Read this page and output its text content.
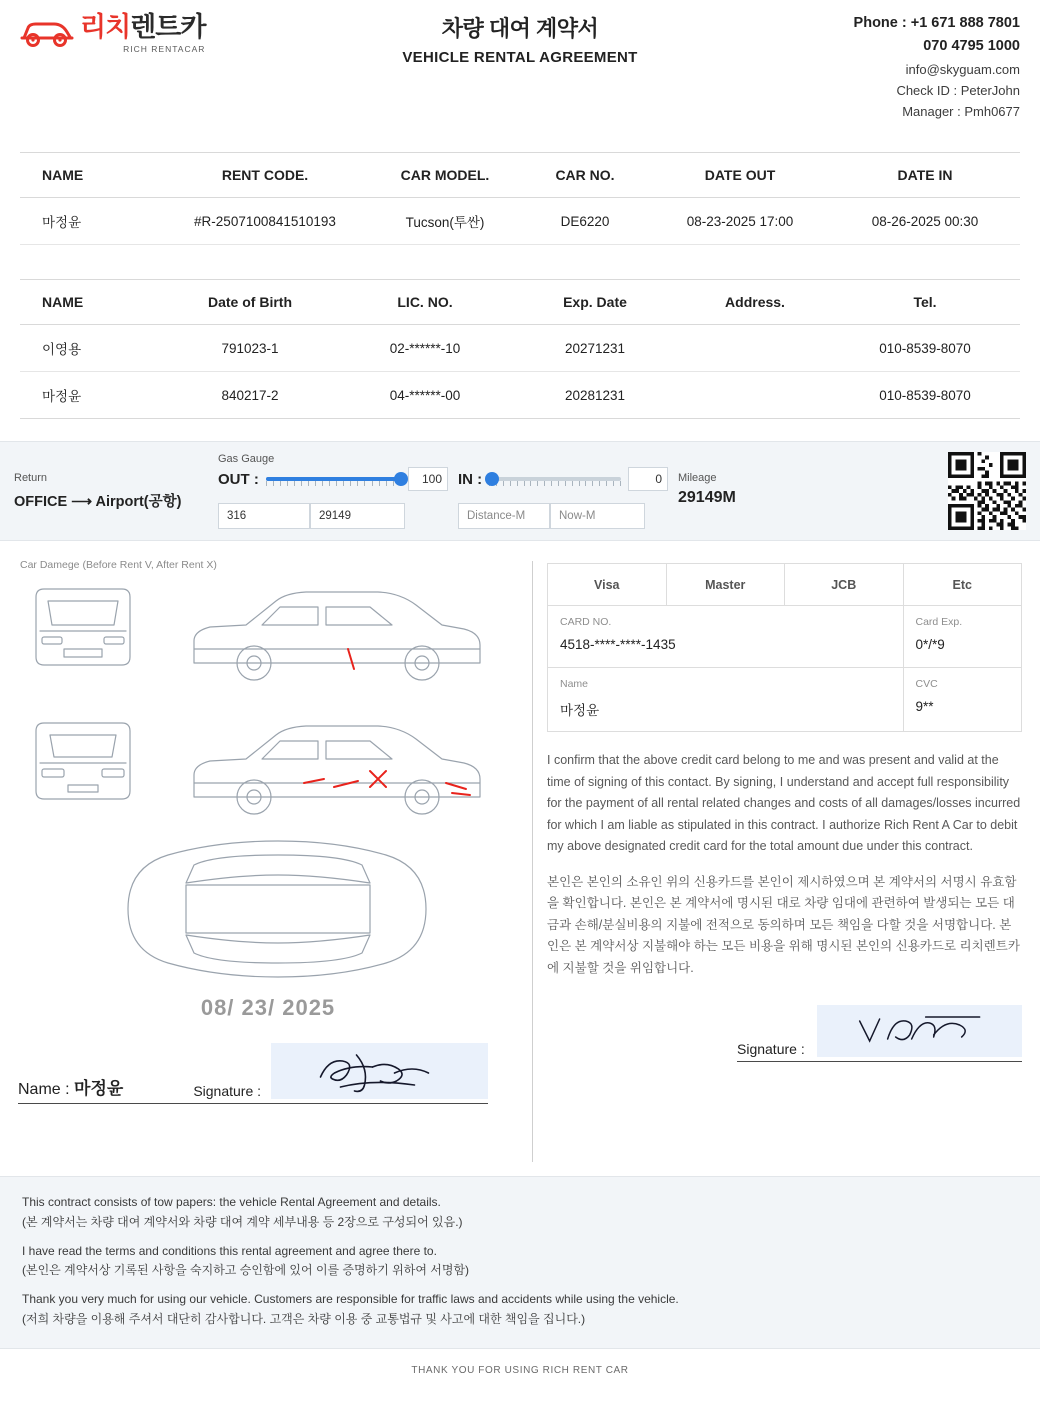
리치렌트카
RICH RENTACAR
차량 대여 계약서
VEHICLE RENTAL AGREEMENT
Phone : +1 671 888 7801
070 4795 1000
info@skyguam.com
Check ID : PeterJohn
Manager : Pmh0677
NAME	RENT CODE.	CAR MODEL.	CAR NO.	DATE OUT	DATE IN
마정윤	#R-2507100841510193	Tucson(투싼)	DE6220	08-23-2025 17:00	08-26-2025 00:30
NAME	Date of Birth	LIC. NO.	Exp. Date	Address.	Tel.
이영용	791023-1	02-******-10	20271231		010-8539-8070
마정윤	840217-2	04-******-00	20281231		010-8539-8070
Return
OFFICE ⟶ Airport(공항)
Gas Gauge
OUT :	100
316	29149

IN :	0
Distance-M	Now-M
Mileage
29149M
Car Damege (Before Rent V, After Rent X)
08/ 23/ 2025
Name : 마정윤	Signature :
Visa	Master	JCB	Etc

CARD NO.
4518-****-****-1435

Card Exp.
0*/*9

Name
마정윤

CVC
9**
I confirm that the above credit card belong to me and was present and valid at the time of signing of this contact. By signing, I understand and accept full responsibility for the payment of all rental related changes and costs of all damages/losses incurred for which I am liable as stipulated in this contract. I authorize Rich Rent A Car to debit my above designated credit card for the total amount due under this contract.
본인은 본인의 소유인 위의 신용카드를 본인이 제시하였으며 본 계약서의 서명시 유효함을 확인합니다. 본인은 본 계약서에 명시된 대로 차량 임대에 관련하여 발생되는 모든 대금과 손해/분실비용의 지불에 전적으로 동의하며 모든 책임을 다할 것을 서명합니다. 본인은 본 계약서상 지불해야 하는 모든 비용을 위해 명시된 본인의 신용카드로 리치렌트카에 지불할 것을 위임합니다.
Signature :

This contract consists of tow papers: the vehicle Rental Agreement and details.
(본 계약서는 차량 대여 계약서와 차량 대여 계약 세부내용 등 2장으로 구성되어 있음.)

I have read the terms and conditions this rental agreement and agree there to.
(본인은 계약서상 기록된 사항을 숙지하고 승인함에 있어 이를 증명하기 위하여 서명함)

Thank you very much for using our vehicle. Customers are responsible for traffic laws and accidents while using the vehicle.
(저희 차량을 이용해 주셔서 대단히 감사합니다. 고객은 차량 이용 중 교통법규 및 사고에 대한 책임을 집니다.)

THANK YOU FOR USING RICH RENT CAR
